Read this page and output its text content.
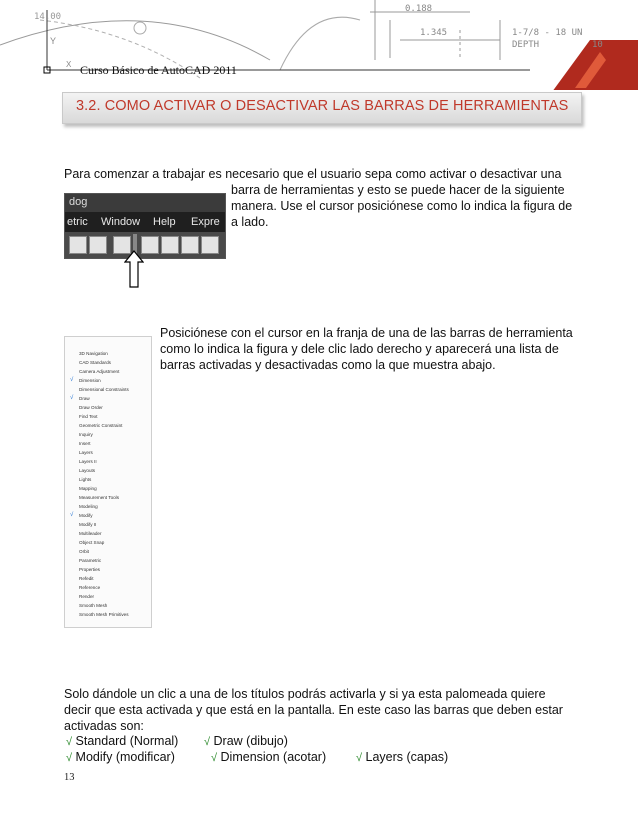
14.00
Y
X
0.188
1.345	1-7/8 - 18 UN
DEPTH	10
Curso Básico de AutoCAD 2011
3.2. COMO ACTIVAR O DESACTIVAR LAS BARRAS DE HERRAMIENTAS
Para comenzar a trabajar es necesario que el usuario sepa como activar o desactivar una
barra de herramientas y esto se puede hacer de la siguiente
manera. Use el cursor posiciónese como lo indica la figura de
a lado.
dog
etric Window Help Expre
Posiciónese con el cursor en la franja de una de las barras de herramienta
como lo indica la figura y dele clic lado derecho y aparecerá una lista de
barras activadas y desactivadas como la que muestra abajo.
3D Navigation
CAD Standards
Camera Adjustment
√ Dimension
Dimensional Constraints
√ Draw
Draw Order
Find Text
Geometric Constraint
Inquiry
Insert
Layers
Layers II
Layouts
Lights
Mapping
Measurement Tools
Modeling
√ Modify
Modify II
Multileader
Object Snap
Orbit
Parametric
Properties
Refedit
Reference
Render
Smooth Mesh
Smooth Mesh Primitives
Solo dándole un clic a una de los títulos podrás activarla y si ya esta palomeada quiere
decir que esta activada y que está en la pantalla. En este caso las barras que deben estar
activadas son:
√ Standard (Normal) √ Draw (dibujo)
√ Modify (modificar)	√ Dimension (acotar)	√ Layers (capas)
13
